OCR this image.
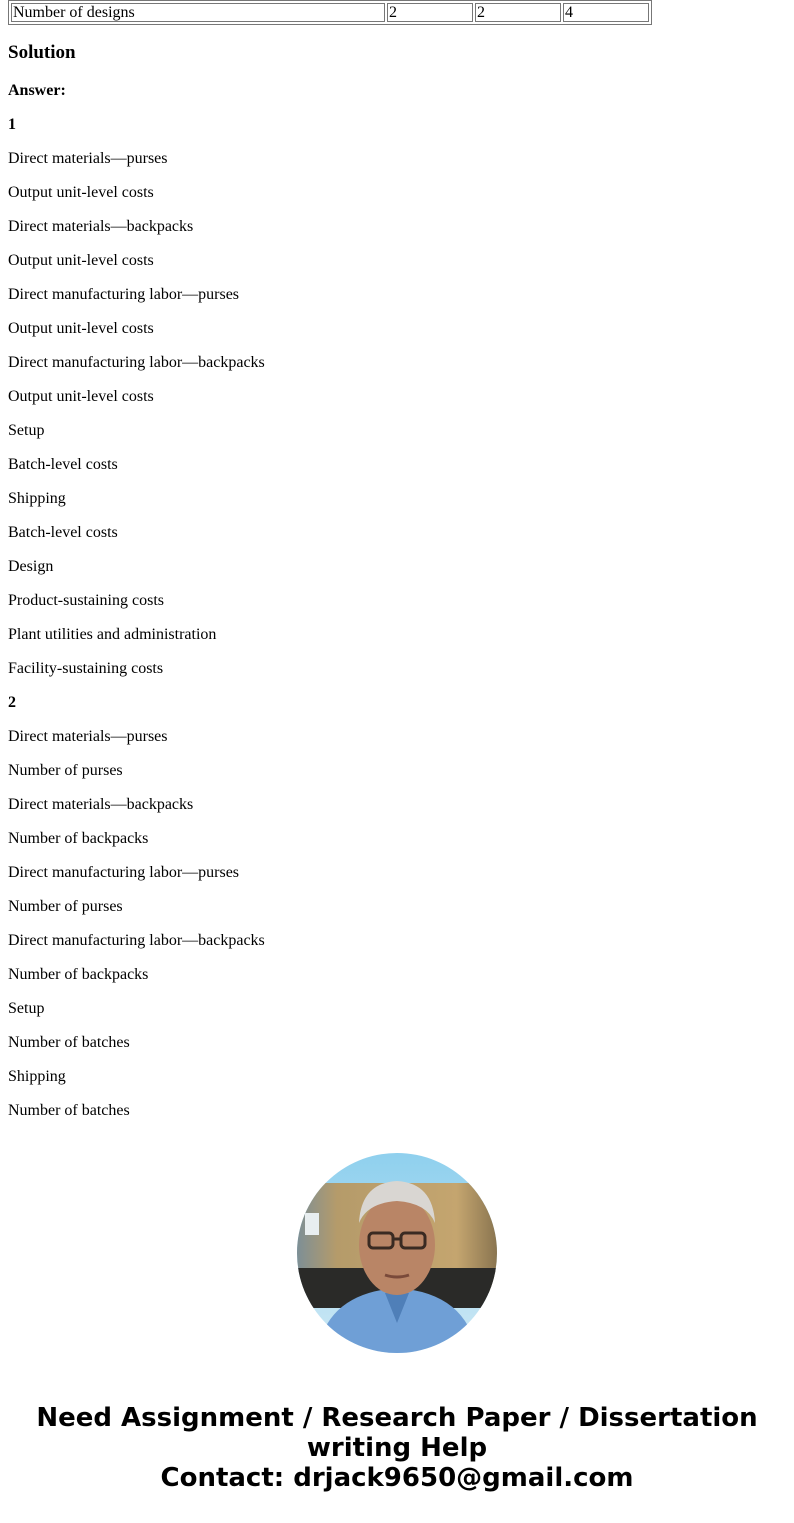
Number of designs	2	2	4
Solution

Answer:

1

Direct materials—purses

Output unit-level costs

Direct materials—backpacks

Output unit-level costs

Direct manufacturing labor—purses

Output unit-level costs

Direct manufacturing labor—backpacks

Output unit-level costs

Setup

Batch-level costs

Shipping

Batch-level costs

Design

Product-sustaining costs

Plant utilities and administration

Facility-sustaining costs

2

Direct materials—purses

Number of purses

Direct materials—backpacks

Number of backpacks

Direct manufacturing labor—purses

Number of purses

Direct manufacturing labor—backpacks

Number of backpacks

Setup

Number of batches

Shipping

Number of batches

Need Assignment / Research Paper / Dissertation
writing Help
Contact: drjack9650@gmail.com
